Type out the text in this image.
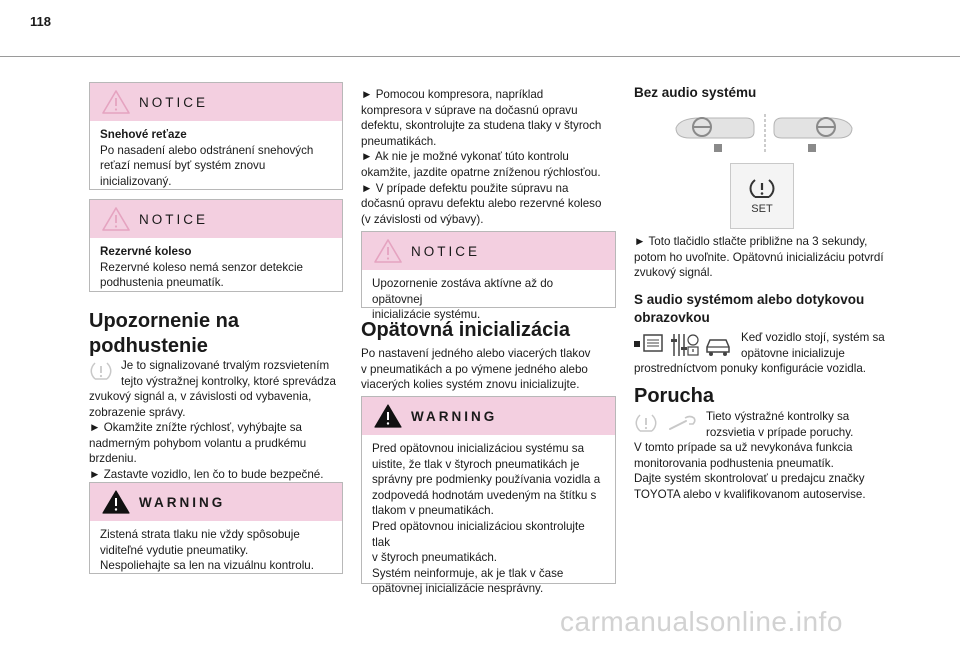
118
NOTICE
Snehové reťaze
Po nasadení alebo odstránení snehových reťazí nemusí byť systém znovu inicializovaný.
NOTICE
Rezervné koleso
Rezervné koleso nemá senzor detekcie podhustenia pneumatík.
Upozornenie na podhustenie
Je to signalizované trvalým rozsvietením
tejto výstražnej kontrolky, ktoré sprevádza
zvukový signál a, v závislosti od vybavenia,
zobrazenie správy.
► Okamžite znížte rýchlosť, vyhýbajte sa
nadmerným pohybom volantu a prudkému
brzdeniu.
► Zastavte vozidlo, len čo to bude bezpečné.
WARNING
Zistená strata tlaku nie vždy spôsobuje
viditeľné vydutie pneumatiky.
Nespoliehajte sa len na vizuálnu kontrolu.
► Pomocou kompresora, napríklad
kompresora v súprave na dočasnú opravu
defektu, skontrolujte za studena tlaky v štyroch
pneumatikách.
► Ak nie je možné vykonať túto kontrolu
okamžite, jazdite opatrne zníženou rýchlosťou.
► V prípade defektu použite súpravu na
dočasnú opravu defektu alebo rezervné koleso
(v závislosti od výbavy).
NOTICE
Upozornenie zostáva aktívne až do opätovnej
inicializácie systému.
Opätovná inicializácia
Po nastavení jedného alebo viacerých tlakov
v pneumatikách a po výmene jedného alebo
viacerých kolies systém znovu inicializujte.
WARNING
Pred opätovnou inicializáciou systému sa
uistite, že tlak v štyroch pneumatikách je
správny pre podmienky používania vozidla a
zodpovedá hodnotám uvedeným na štítku s
tlakom v pneumatikách.
Pred opätovnou inicializáciou skontrolujte tlak
v štyroch pneumatikách.
Systém neinformuje, ak je tlak v čase
opätovnej inicializácie nesprávny.
Bez audio systému
SET
► Toto tlačidlo stlačte približne na 3 sekundy,
potom ho uvoľnite. Opätovnú inicializáciu potvrdí
zvukový signál.
S audio systémom alebo dotykovou
obrazovkou
Keď vozidlo stojí, systém sa
opätovne inicializuje
prostredníctvom ponuky konfigurácie vozidla.
Porucha
Tieto výstražné kontrolky sa
rozsvietia v prípade poruchy.
V tomto prípade sa už nevykonáva funkcia
monitorovania podhustenia pneumatík.
Dajte systém skontrolovať u predajcu značky
TOYOTA alebo v kvalifikovanom autoservise.
carmanualsonline.info
